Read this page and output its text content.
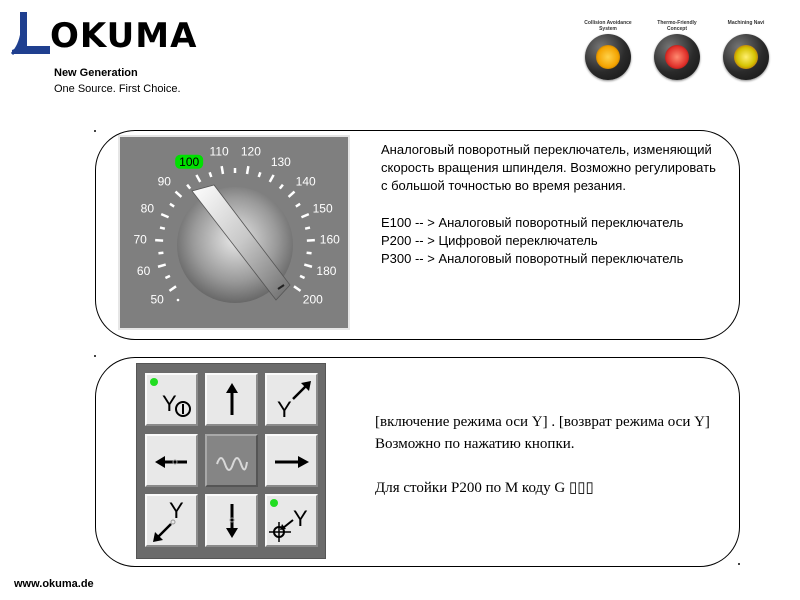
OKUMA
New Generation
One Source. First Choice.
Collision Avoidance System
Thermo-Friendly Concept
Machining Navi
50
60
70
80
90
100
110 120
130
140
150
160
180
200

Аналоговый поворотный переключатель, изменяющий скорость вращения шпинделя. Возможно регулировать с большой точностью во время резания.

E100 -- > Аналоговый поворотный переключатель

P200 -- > Цифровой переключатель

P300 -- > Аналоговый поворотный переключатель

Y	Y
Y	Y

[включение режима оси Y] . [возврат режима оси Y]

Возможно по нажатию кнопки.

Для стойки P200 по M коду G ▯▯▯

www.okuma.de
